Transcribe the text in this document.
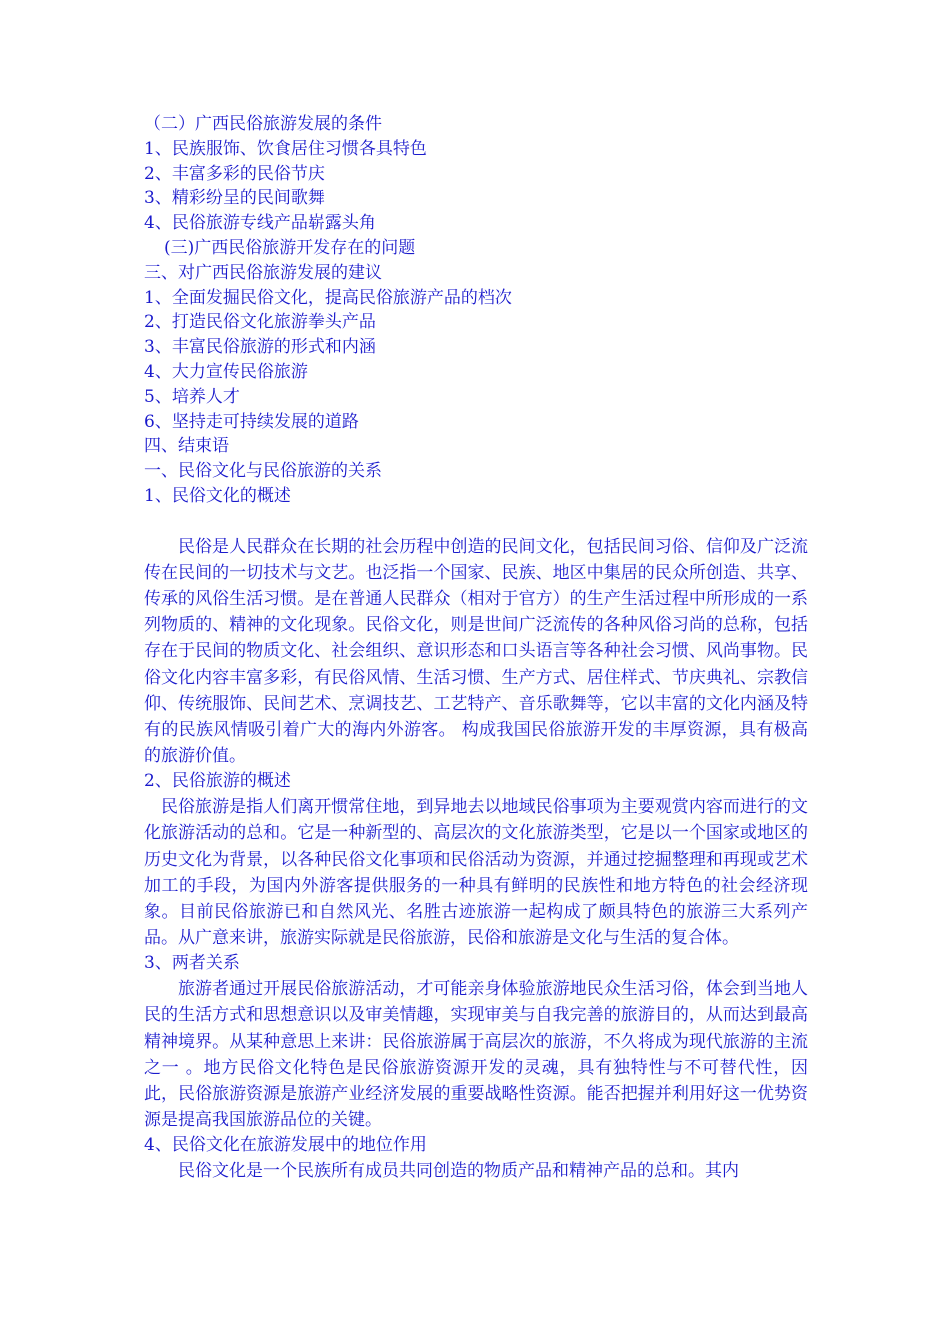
（二）广西民俗旅游发展的条件
1、民族服饰、饮食居住习惯各具特色
2、丰富多彩的民俗节庆
3、精彩纷呈的民间歌舞
4、民俗旅游专线产品崭露头角
(三)广西民俗旅游开发存在的问题
三、对广西民俗旅游发展的建议
1、全面发掘民俗文化，提高民俗旅游产品的档次
2、打造民俗文化旅游拳头产品
3、丰富民俗旅游的形式和内涵
4、大力宣传民俗旅游
5、培养人才
6、坚持走可持续发展的道路
四、结束语
一、民俗文化与民俗旅游的关系
1、民俗文化的概述

民俗是人民群众在长期的社会历程中创造的民间文化，包括民间习俗、信仰及广泛流传在民间的一切技术与文艺。也泛指一个国家、民族、地区中集居的民众所创造、共享、传承的风俗生活习惯。是在普通人民群众（相对于官方）的生产生活过程中所形成的一系列物质的、精神的文化现象。民俗文化，则是世间广泛流传的各种风俗习尚的总称，包括存在于民间的物质文化、社会组织、意识形态和口头语言等各种社会习惯、风尚事物。民俗文化内容丰富多彩，有民俗风情、生活习惯、生产方式、居住样式、节庆典礼、宗教信仰、传统服饰、民间艺术、烹调技艺、工艺特产、音乐歌舞等，它以丰富的文化内涵及特有的民族风情吸引着广大的海内外游客。 构成我国民俗旅游开发的丰厚资源，具有极高的旅游价值。

2、民俗旅游的概述

民俗旅游是指人们离开惯常住地，到异地去以地域民俗事项为主要观赏内容而进行的文化旅游活动的总和。它是一种新型的、高层次的文化旅游类型，它是以一个国家或地区的历史文化为背景，以各种民俗文化事项和民俗活动为资源，并通过挖掘整理和再现或艺术加工的手段，为国内外游客提供服务的一种具有鲜明的民族性和地方特色的社会经济现象。目前民俗旅游已和自然风光、名胜古迹旅游一起构成了颇具特色的旅游三大系列产品。从广意来讲，旅游实际就是民俗旅游，民俗和旅游是文化与生活的复合体。

3、两者关系

旅游者通过开展民俗旅游活动，才可能亲身体验旅游地民众生活习俗，体会到当地人民的生活方式和思想意识以及审美情趣，实现审美与自我完善的旅游目的，从而达到最高精神境界。从某种意思上来讲：民俗旅游属于高层次的旅游，不久将成为现代旅游的主流之一 。地方民俗文化特色是民俗旅游资源开发的灵魂，具有独特性与不可替代性，因此，民俗旅游资源是旅游产业经济发展的重要战略性资源。能否把握并利用好这一优势资源是提高我国旅游品位的关键。

4、民俗文化在旅游发展中的地位作用

民俗文化是一个民族所有成员共同创造的物质产品和精神产品的总和。其内
